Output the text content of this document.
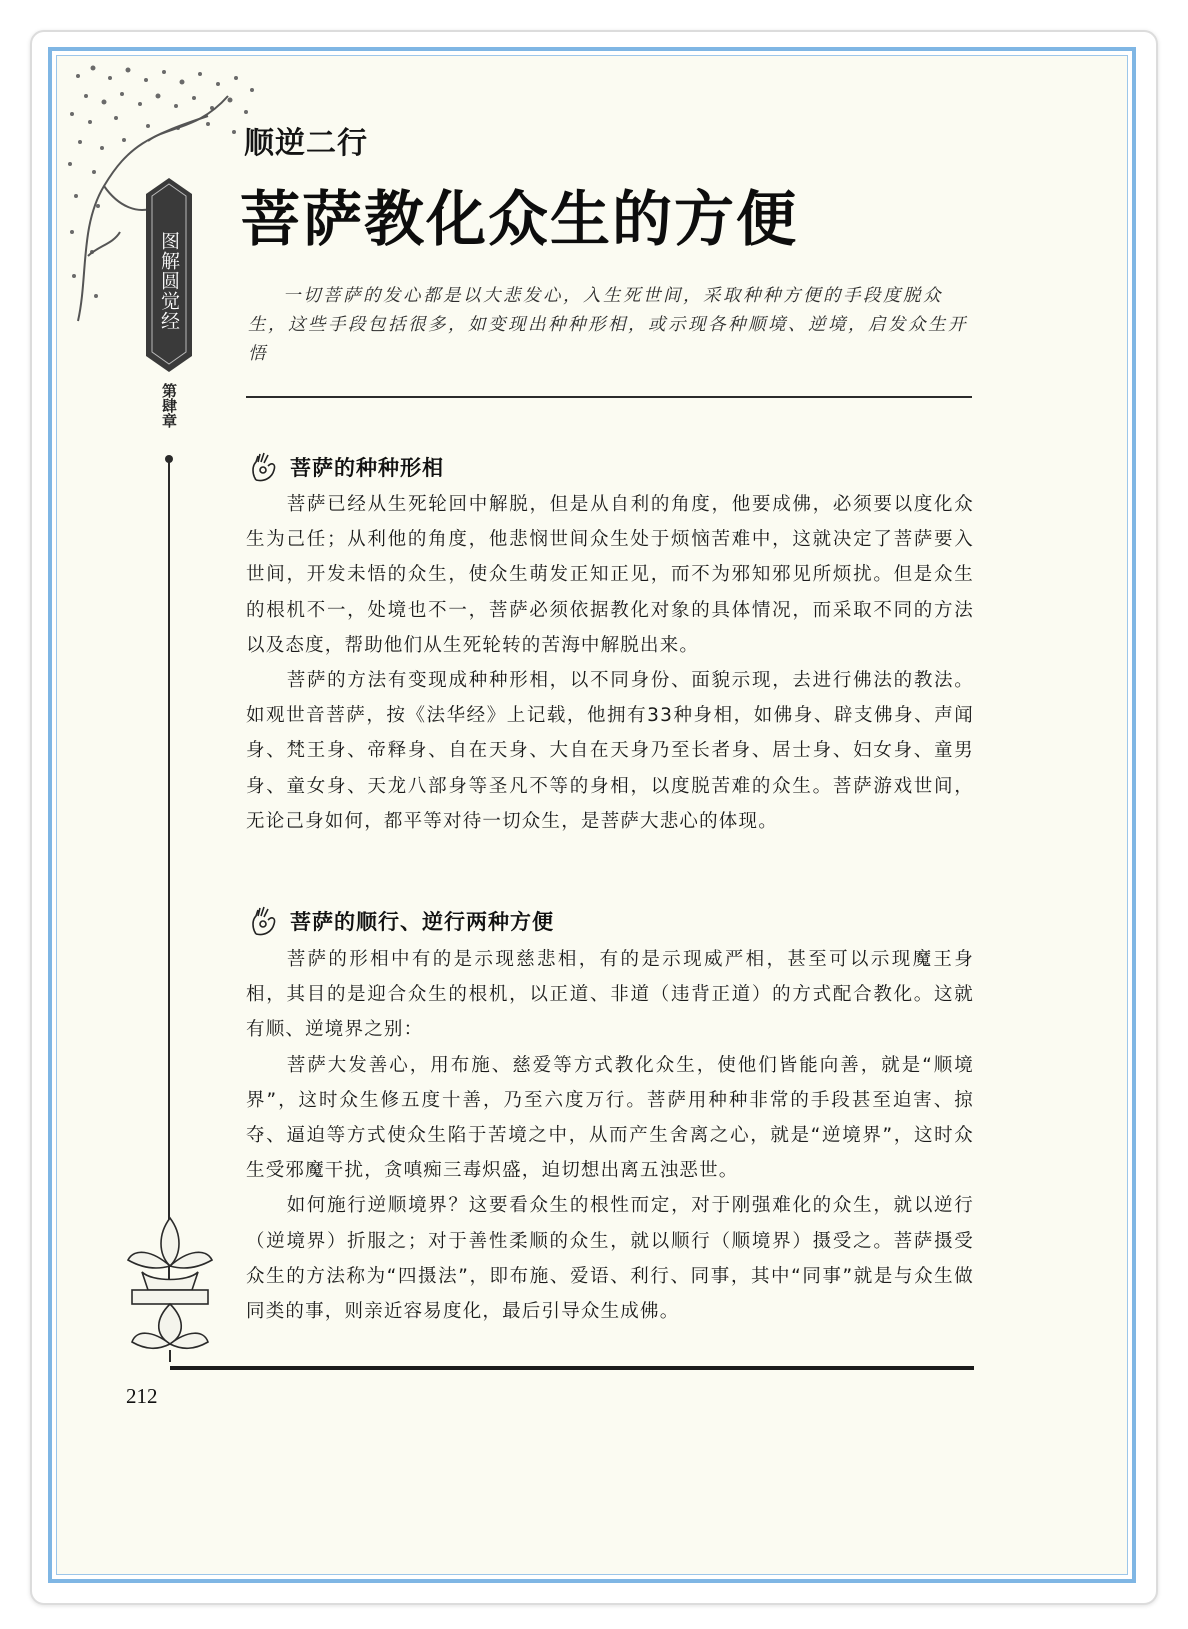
图解圆觉经
第肆章
顺逆二行
菩萨教化众生的方便
一切菩萨的发心都是以大悲发心，入生死世间，采取种种方便的手段度脱众生，这些手段包括很多，如变现出种种形相，或示现各种顺境、逆境，启发众生开悟
菩萨的种种形相

菩萨已经从生死轮回中解脱，但是从自利的角度，他要成佛，必须要以度化众生为己任；从利他的角度，他悲悯世间众生处于烦恼苦难中，这就决定了菩萨要入世间，开发未悟的众生，使众生萌发正知正见，而不为邪知邪见所烦扰。但是众生的根机不一，处境也不一，菩萨必须依据教化对象的具体情况，而采取不同的方法以及态度，帮助他们从生死轮转的苦海中解脱出来。

菩萨的方法有变现成种种形相，以不同身份、面貌示现，去进行佛法的教法。如观世音菩萨，按《法华经》上记载，他拥有33种身相，如佛身、辟支佛身、声闻身、梵王身、帝释身、自在天身、大自在天身乃至长者身、居士身、妇女身、童男身、童女身、天龙八部身等圣凡不等的身相，以度脱苦难的众生。菩萨游戏世间，无论己身如何，都平等对待一切众生，是菩萨大悲心的体现。

菩萨的顺行、逆行两种方便

菩萨的形相中有的是示现慈悲相，有的是示现威严相，甚至可以示现魔王身相，其目的是迎合众生的根机，以正道、非道（违背正道）的方式配合教化。这就有顺、逆境界之别：

菩萨大发善心，用布施、慈爱等方式教化众生，使他们皆能向善，就是“顺境界”，这时众生修五度十善，乃至六度万行。菩萨用种种非常的手段甚至迫害、掠夺、逼迫等方式使众生陷于苦境之中，从而产生舍离之心，就是“逆境界”，这时众生受邪魔干扰，贪嗔痴三毒炽盛，迫切想出离五浊恶世。

如何施行逆顺境界？这要看众生的根性而定，对于刚强难化的众生，就以逆行（逆境界）折服之；对于善性柔顺的众生，就以顺行（顺境界）摄受之。菩萨摄受众生的方法称为“四摄法”，即布施、爱语、利行、同事，其中“同事”就是与众生做同类的事，则亲近容易度化，最后引导众生成佛。

212
